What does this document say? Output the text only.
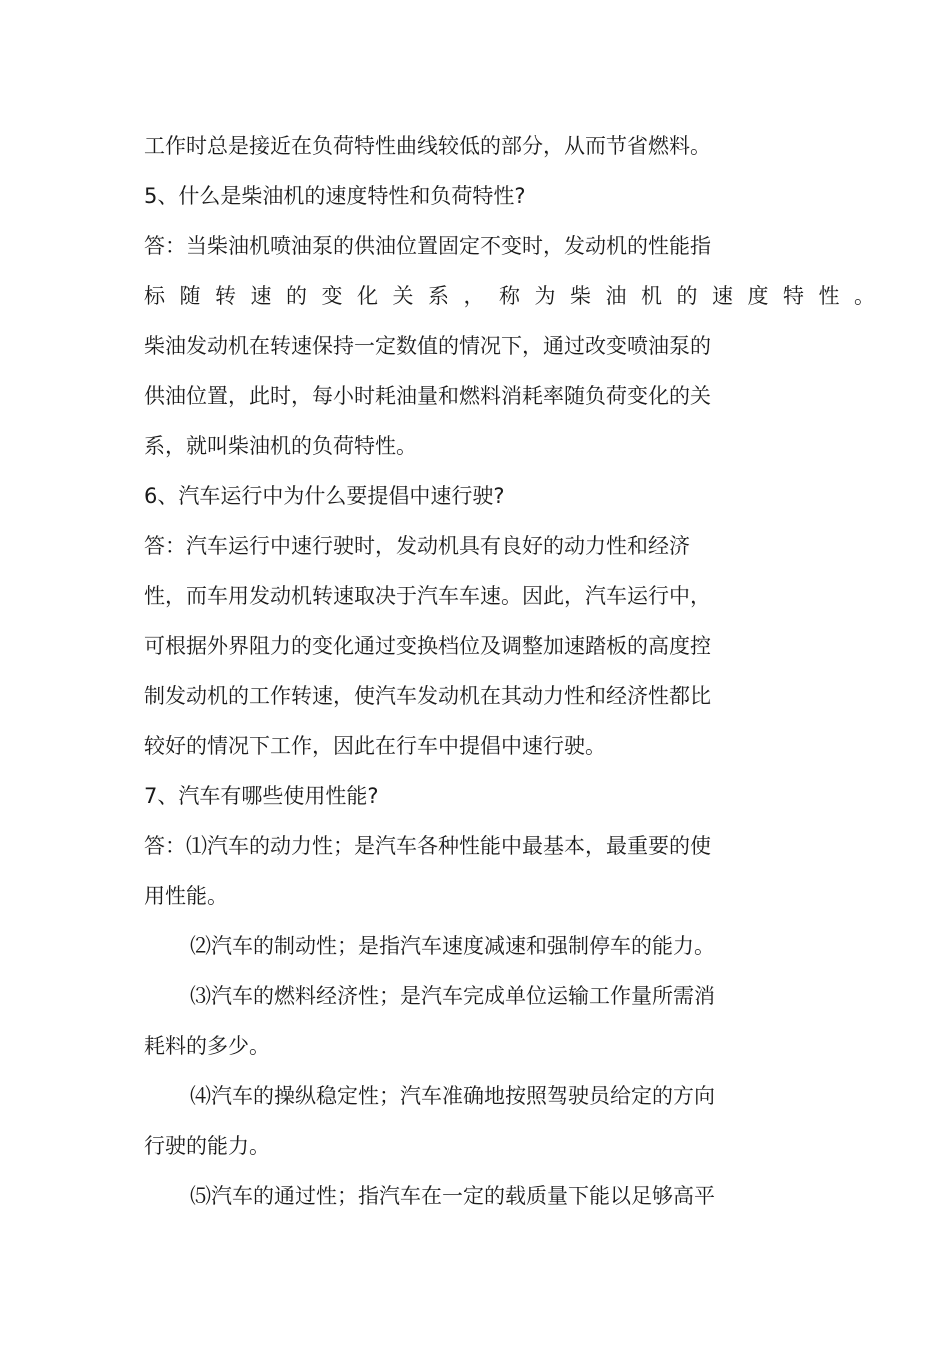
工作时总是接近在负荷特性曲线较低的部分，从而节省燃料。
5、什么是柴油机的速度特性和负荷特性?
答：当柴油机喷油泵的供油位置固定不变时，发动机的性能指
标随转速的变化关系，称为柴油机的速度特性。
柴油发动机在转速保持一定数值的情况下，通过改变喷油泵的
供油位置，此时，每小时耗油量和燃料消耗率随负荷变化的关
系，就叫柴油机的负荷特性。
6、汽车运行中为什么要提倡中速行驶?
答：汽车运行中速行驶时，发动机具有良好的动力性和经济
性，而车用发动机转速取决于汽车车速。因此，汽车运行中，
可根据外界阻力的变化通过变换档位及调整加速踏板的高度控
制发动机的工作转速，使汽车发动机在其动力性和经济性都比
较好的情况下工作，因此在行车中提倡中速行驶。
7、汽车有哪些使用性能?
答：⑴汽车的动力性；是汽车各种性能中最基本，最重要的使
用性能。
⑵汽车的制动性；是指汽车速度减速和强制停车的能力。
⑶汽车的燃料经济性；是汽车完成单位运输工作量所需消
耗料的多少。
⑷汽车的操纵稳定性；汽车准确地按照驾驶员给定的方向
行驶的能力。
⑸汽车的通过性；指汽车在一定的载质量下能以足够高平
